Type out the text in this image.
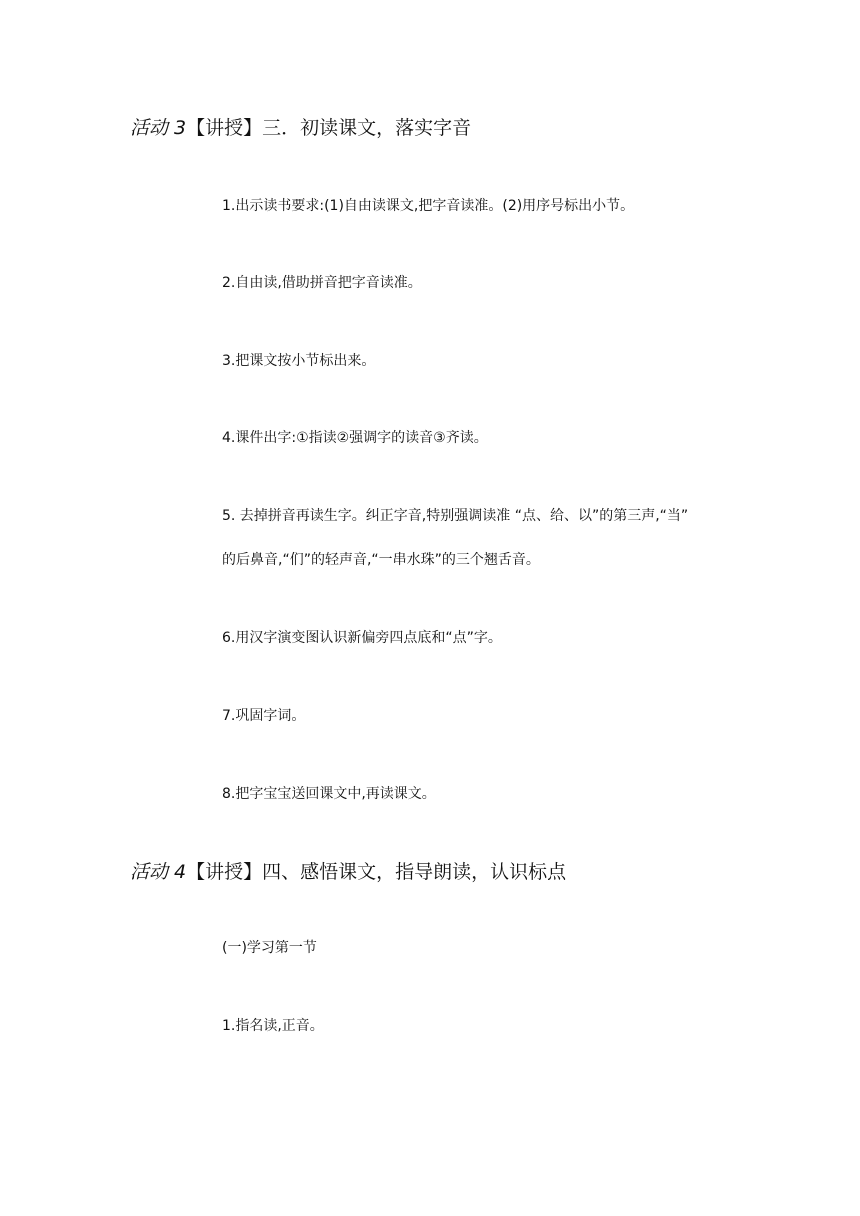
活动 3【讲授】三．初读课文，落实字音
1.出示读书要求:(1)自由读课文,把字音读准。(2)用序号标出小节。
2.自由读,借助拼音把字音读准。
3.把课文按小节标出来。
4.课件出字:①指读②强调字的读音③齐读。
5. 去掉拼音再读生字。纠正字音,特别强调读准 “点、给、以”的第三声,“当”
的后鼻音,“们”的轻声音,“一串水珠”的三个翘舌音。
6.用汉字演变图认识新偏旁四点底和“点”字。
7.巩固字词。
8.把字宝宝送回课文中,再读课文。
活动 4【讲授】四、感悟课文，指导朗读，认识标点
(一)学习第一节
1.指名读,正音。
